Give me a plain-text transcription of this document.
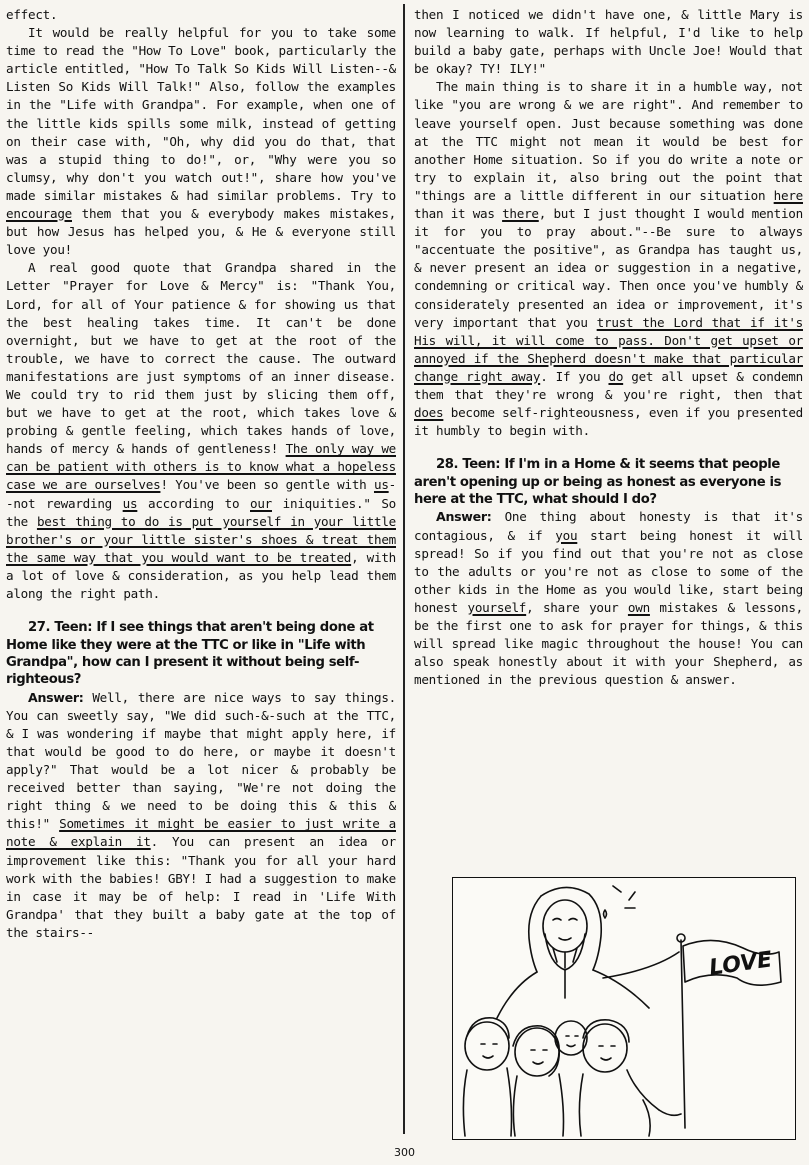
effect.

It would be really helpful for you to take some time to read the "How To Love" book, particularly the article entitled, "How To Talk So Kids Will Listen--& Listen So Kids Will Talk!" Also, follow the examples in the "Life with Grandpa". For example, when one of the little kids spills some milk, instead of getting on their case with, "Oh, why did you do that, that was a stupid thing to do!", or, "Why were you so clumsy, why don't you watch out!", share how you've made similar mistakes & had similar problems. Try to encourage them that you & everybody makes mistakes, but how Jesus has helped you, & He & everyone still love you!

A real good quote that Grandpa shared in the Letter "Prayer for Love & Mercy" is: "Thank You, Lord, for all of Your patience & for showing us that the best healing takes time. It can't be done overnight, but we have to get at the root of the trouble, we have to correct the cause. The outward manifestations are just symptoms of an inner disease. We could try to rid them just by slicing them off, but we have to get at the root, which takes love & probing & gentle feeling, which takes hands of love, hands of mercy & hands of gentleness! The only way we can be patient with others is to know what a hopeless case we are ourselves! You've been so gentle with us--not rewarding us according to our iniquities." So the best thing to do is put yourself in your little brother's or your little sister's shoes & treat them the same way that you would want to be treated, with a lot of love & consideration, as you help lead them along the right path.

27. Teen: If I see things that aren't being done at Home like they were at the TTC or like in "Life with Grandpa", how can I present it without being self-righteous?

Answer: Well, there are nice ways to say things. You can sweetly say, "We did such-&-such at the TTC, & I was wondering if maybe that might apply here, if that would be good to do here, or maybe it doesn't apply?" That would be a lot nicer & probably be received better than saying, "We're not doing the right thing & we need to be doing this & this & this!" Sometimes it might be easier to just write a note & explain it. You can present an idea or improvement like this: "Thank you for all your hard work with the babies! GBY! I had a suggestion to make in case it may be of help: I read in 'Life With Grandpa' that they built a baby gate at the top of the stairs--

then I noticed we didn't have one, & little Mary is now learning to walk. If helpful, I'd like to help build a baby gate, perhaps with Uncle Joe! Would that be okay? TY! ILY!"

The main thing is to share it in a humble way, not like "you are wrong & we are right". And remember to leave yourself open. Just because something was done at the TTC might not mean it would be best for another Home situation. So if you do write a note or try to explain it, also bring out the point that "things are a little different in our situation here than it was there, but I just thought I would mention it for you to pray about."--Be sure to always "accentuate the positive", as Grandpa has taught us, & never present an idea or suggestion in a negative, condemning or critical way. Then once you've humbly & considerately presented an idea or improvement, it's very important that you trust the Lord that if it's His will, it will come to pass. Don't get upset or annoyed if the Shepherd doesn't make that particular change right away. If you do get all upset & condemn them that they're wrong & you're right, then that does become self-righteousness, even if you presented it humbly to begin with.

28. Teen: If I'm in a Home & it seems that people aren't opening up or being as honest as everyone is here at the TTC, what should I do?

Answer: One thing about honesty is that it's contagious, & if you start being honest it will spread! So if you find out that you're not as close to the adults or you're not as close to some of the other kids in the Home as you would like, start being honest yourself, share your own mistakes & lessons, be the first one to ask for prayer for things, & this will spread like magic throughout the house! You can also speak honestly about it with your Shepherd, as mentioned in the previous question & answer.

LOVE
300
